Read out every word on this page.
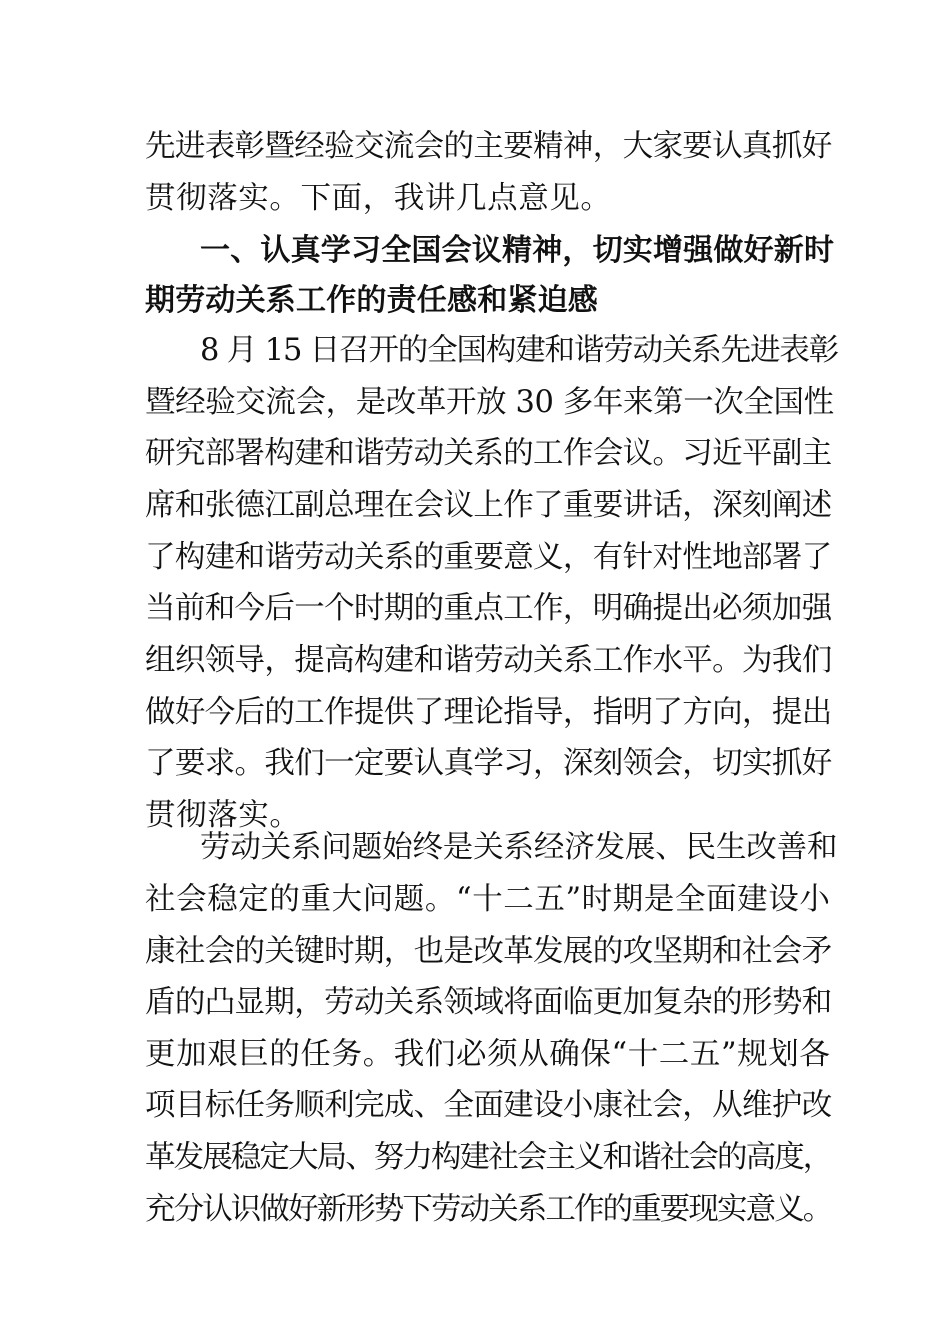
先进表彰暨经验交流会的主要精神，大家要认真抓好
贯彻落实。下面，我讲几点意见。
一、认真学习全国会议精神，切实增强做好新时
期劳动关系工作的责任感和紧迫感
8 月 15 日召开的全国构建和谐劳动关系先进表彰
暨经验交流会，是改革开放 30 多年来第一次全国性
研究部署构建和谐劳动关系的工作会议。习近平副主
席和张德江副总理在会议上作了重要讲话，深刻阐述
了构建和谐劳动关系的重要意义，有针对性地部署了
当前和今后一个时期的重点工作，明确提出必须加强
组织领导，提高构建和谐劳动关系工作水平。为我们
做好今后的工作提供了理论指导，指明了方向，提出
了要求。我们一定要认真学习，深刻领会，切实抓好
贯彻落实。
劳动关系问题始终是关系经济发展、民生改善和
社会稳定的重大问题。“十二五”时期是全面建设小
康社会的关键时期，也是改革发展的攻坚期和社会矛
盾的凸显期，劳动关系领域将面临更加复杂的形势和
更加艰巨的任务。我们必须从确保“十二五”规划各
项目标任务顺利完成、全面建设小康社会，从维护改
革发展稳定大局、努力构建社会主义和谐社会的高度，
充分认识做好新形势下劳动关系工作的重要现实意义。
